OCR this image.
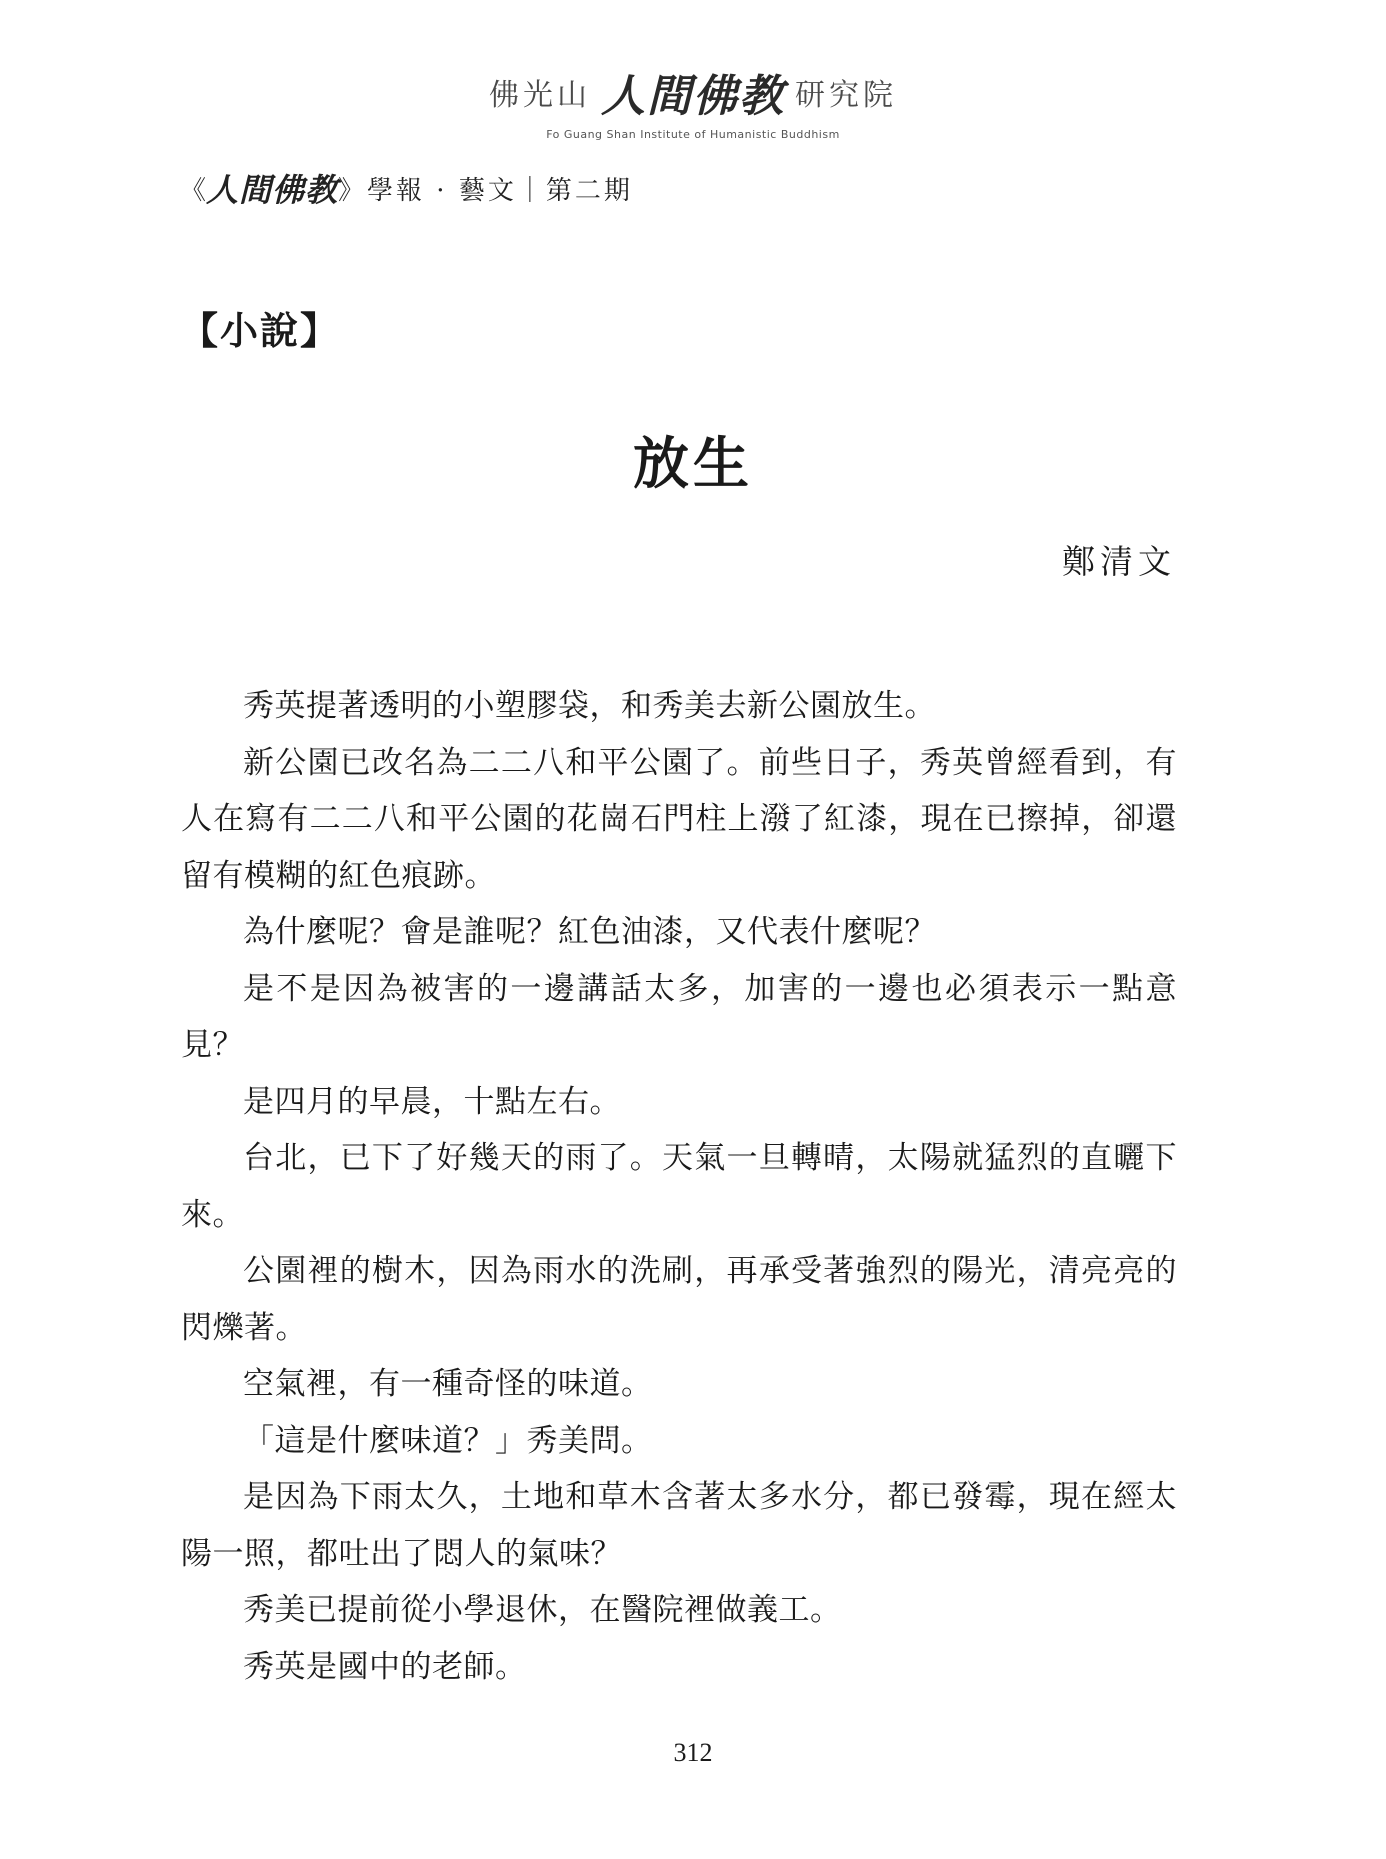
佛光山 人間佛教 研究院
Fo Guang Shan Institute of Humanistic Buddhism
《 人間佛教 》學報 · 藝文｜第二期
【小說】
放生
鄭清文

秀英提著透明的小塑膠袋，和秀美去新公園放生。

新公園已改名為二二八和平公園了。前些日子，秀英曾經看到，有人在寫有二二八和平公園的花崗石門柱上潑了紅漆，現在已擦掉，卻還留有模糊的紅色痕跡。

為什麼呢？會是誰呢？紅色油漆，又代表什麼呢？

是不是因為被害的一邊講話太多，加害的一邊也必須表示一點意見？

是四月的早晨，十點左右。

台北，已下了好幾天的雨了。天氣一旦轉晴，太陽就猛烈的直曬下來。

公園裡的樹木，因為雨水的洗刷，再承受著強烈的陽光，清亮亮的閃爍著。

空氣裡，有一種奇怪的味道。

「這是什麼味道？」秀美問。

是因為下雨太久，土地和草木含著太多水分，都已發霉，現在經太陽一照，都吐出了悶人的氣味？

秀美已提前從小學退休，在醫院裡做義工。

秀英是國中的老師。

312
